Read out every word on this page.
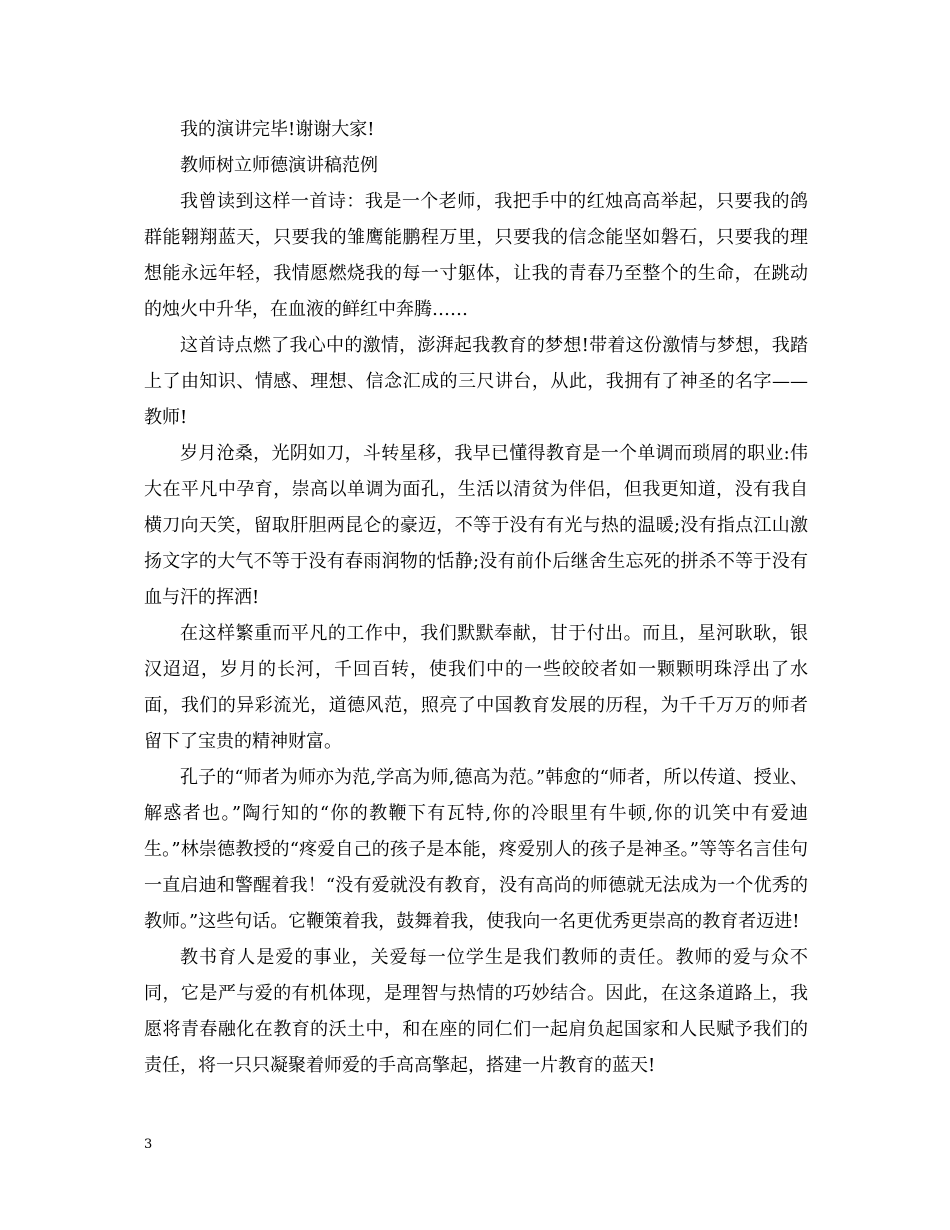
我的演讲完毕!谢谢大家!

教师树立师德演讲稿范例

我曾读到这样一首诗：我是一个老师，我把手中的红烛高高举起，只要我的鸽群能翱翔蓝天，只要我的雏鹰能鹏程万里，只要我的信念能坚如磐石，只要我的理想能永远年轻，我情愿燃烧我的每一寸躯体，让我的青春乃至整个的生命，在跳动的烛火中升华，在血液的鲜红中奔腾……

这首诗点燃了我心中的激情，澎湃起我教育的梦想!带着这份激情与梦想，我踏上了由知识、情感、理想、信念汇成的三尺讲台，从此，我拥有了神圣的名字——教师!

岁月沧桑，光阴如刀，斗转星移，我早已懂得教育是一个单调而琐屑的职业:伟大在平凡中孕育，崇高以单调为面孔，生活以清贫为伴侣，但我更知道，没有我自横刀向天笑，留取肝胆两昆仑的豪迈，不等于没有有光与热的温暖;没有指点江山激扬文字的大气不等于没有春雨润物的恬静;没有前仆后继舍生忘死的拼杀不等于没有血与汗的挥洒!

在这样繁重而平凡的工作中，我们默默奉献，甘于付出。而且，星河耿耿，银汉迢迢，岁月的长河，千回百转，使我们中的一些皎皎者如一颗颗明珠浮出了水面，我们的异彩流光，道德风范，照亮了中国教育发展的历程，为千千万万的师者留下了宝贵的精神财富。

孔子的“师者为师亦为范,学高为师,德高为范。”韩愈的“师者，所以传道、授业、解惑者也。”陶行知的“你的教鞭下有瓦特,你的冷眼里有牛顿,你的讥笑中有爱迪生。”林崇德教授的“疼爱自己的孩子是本能，疼爱别人的孩子是神圣。”等等名言佳句一直启迪和警醒着我！“没有爱就没有教育，没有高尚的师德就无法成为一个优秀的教师。”这些句话。它鞭策着我，鼓舞着我，使我向一名更优秀更崇高的教育者迈进!

教书育人是爱的事业，关爱每一位学生是我们教师的责任。教师的爱与众不同，它是严与爱的有机体现，是理智与热情的巧妙结合。因此，在这条道路上，我愿将青春融化在教育的沃土中，和在座的同仁们一起肩负起国家和人民赋予我们的责任，将一只只凝聚着师爱的手高高擎起，搭建一片教育的蓝天!

3
